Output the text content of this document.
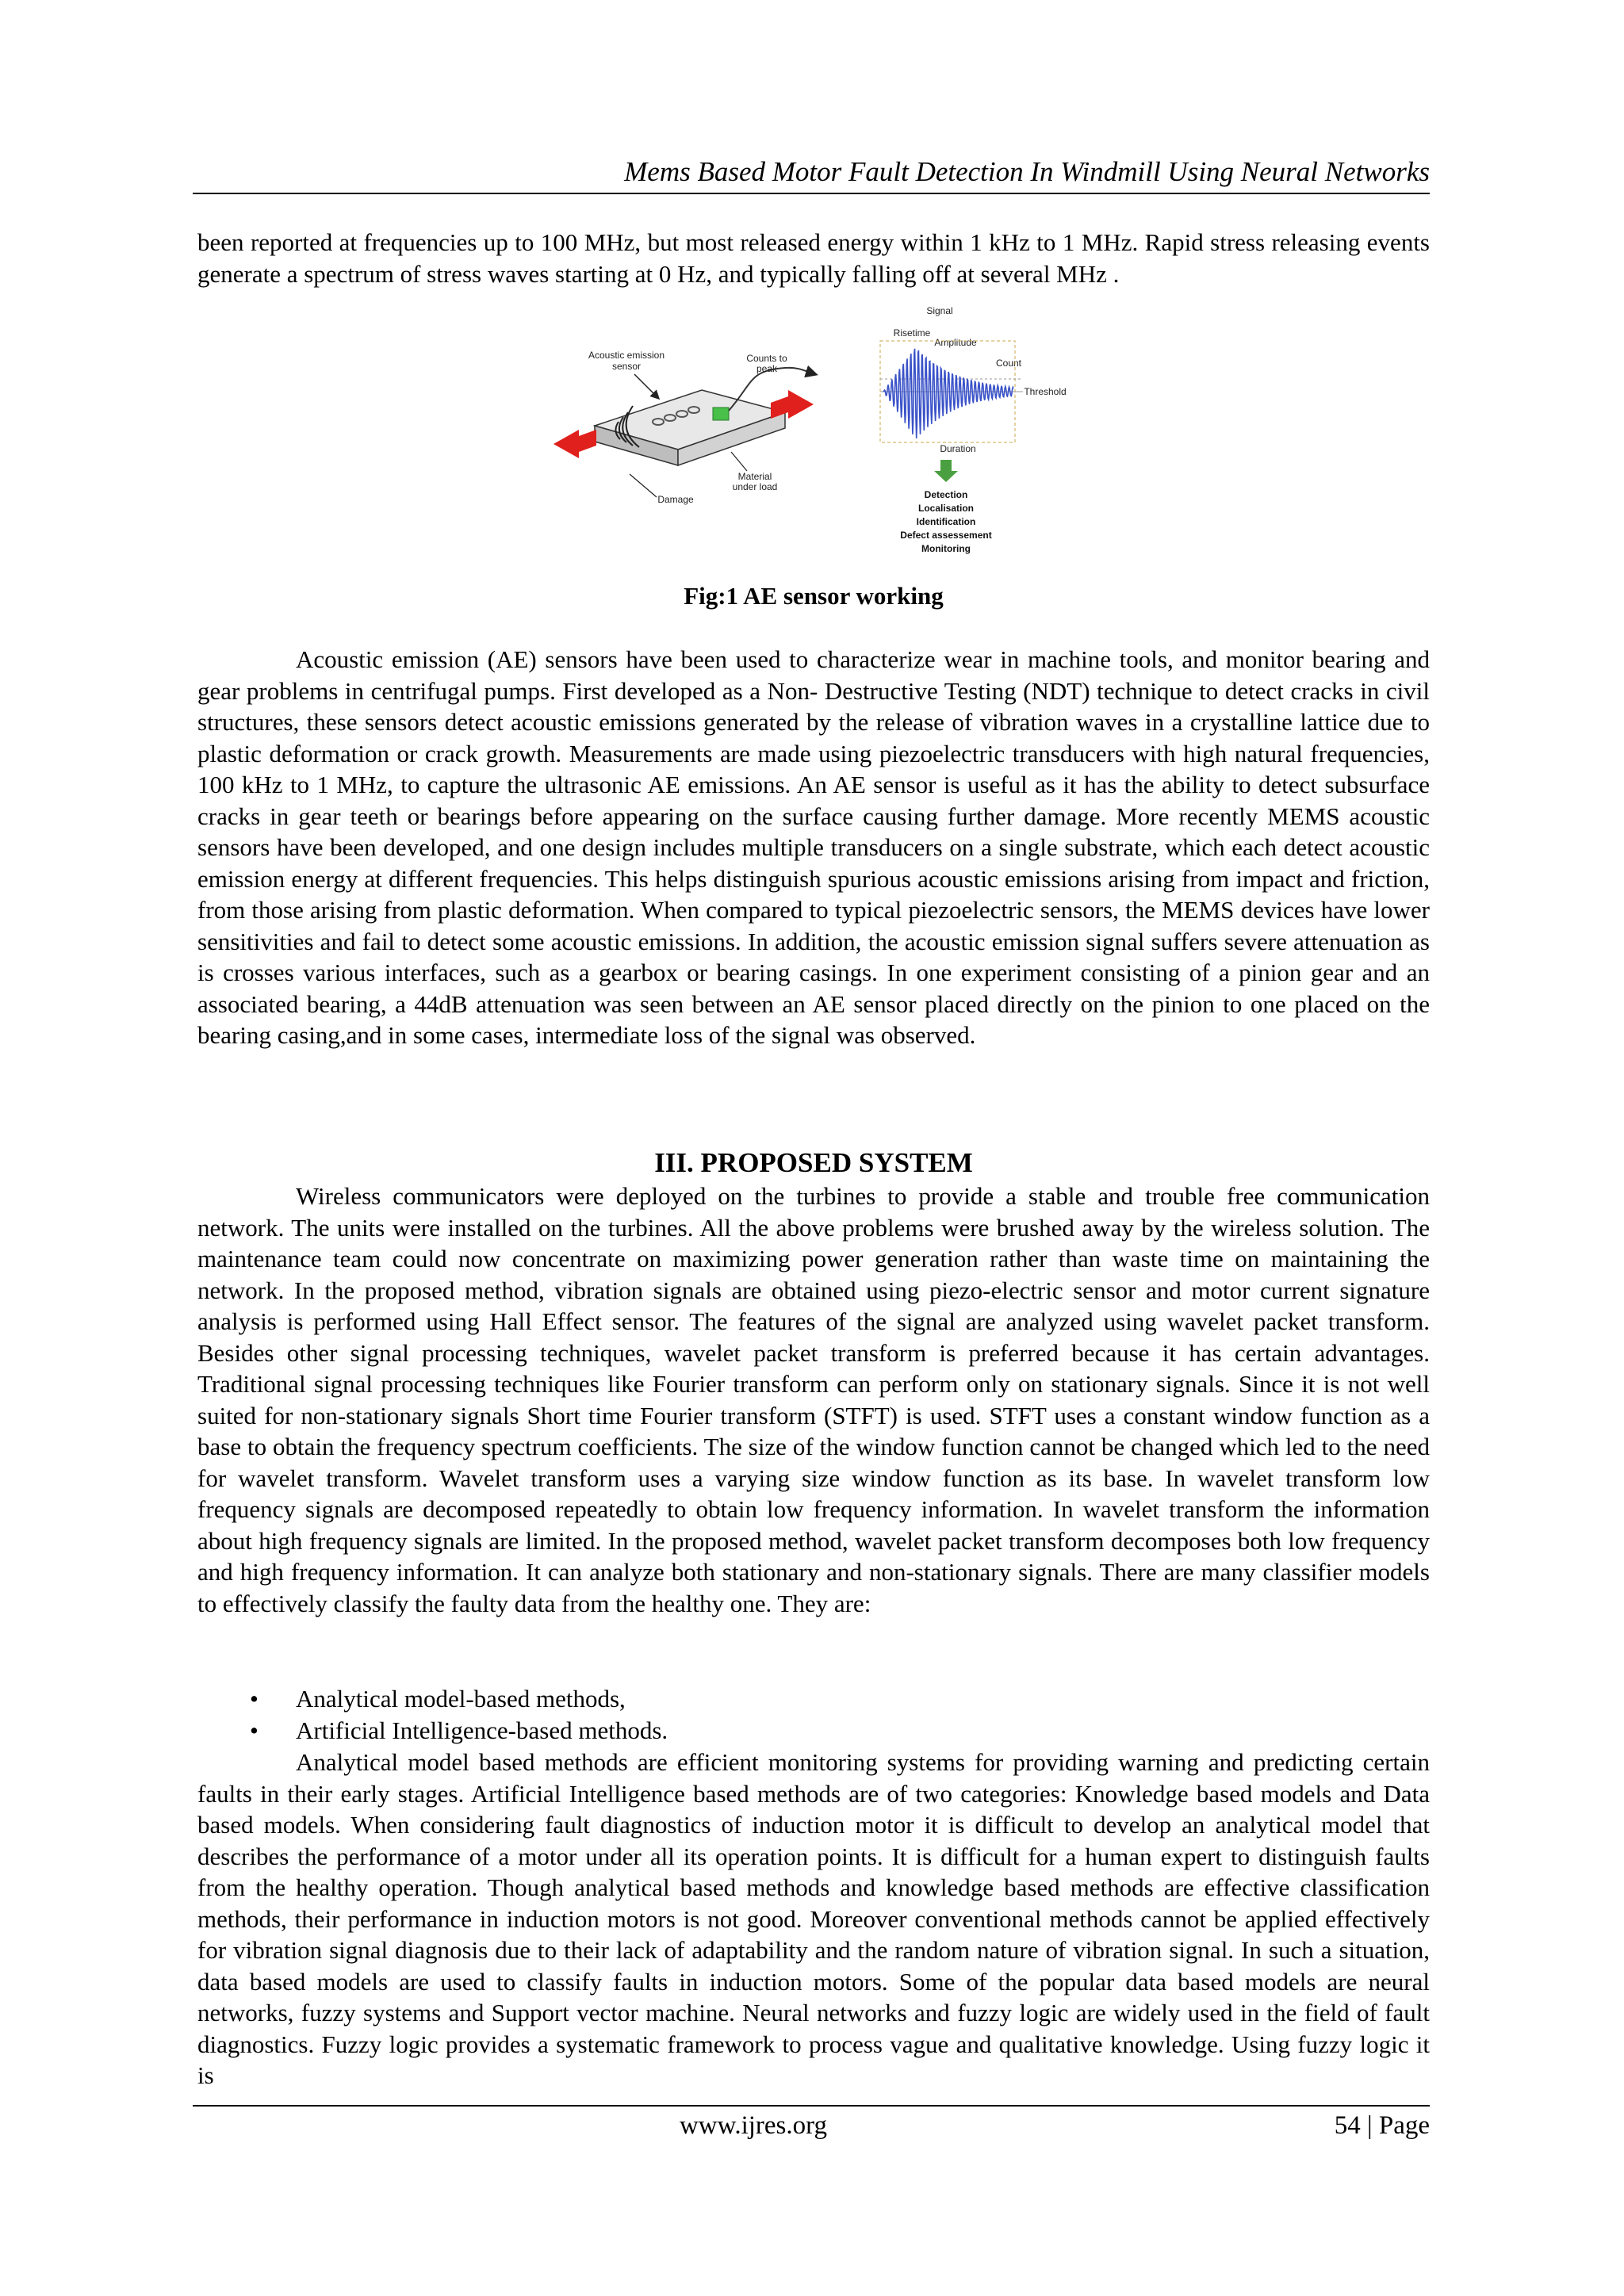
Mems Based Motor Fault Detection In Windmill Using Neural Networks

been reported at frequencies up to 100 MHz, but most released energy within 1 kHz to 1 MHz. Rapid stress releasing events generate a spectrum of stress waves starting at 0 Hz, and typically falling off at several MHz .

Acoustic emission
sensor
Counts to
peak
Material
under load
Damage
Signal
Risetime
Amplitude
Count
Threshold
Duration
Detection
Localisation
Identification
Defect assessement
Monitoring
Fig:1 AE sensor working

Acoustic emission (AE) sensors have been used to characterize wear in machine tools, and monitor bearing and gear problems in centrifugal pumps. First developed as a Non- Destructive Testing (NDT) technique to detect cracks in civil structures, these sensors detect acoustic emissions generated by the release of vibration waves in a crystalline lattice due to plastic deformation or crack growth. Measurements are made using piezoelectric transducers with high natural frequencies, 100 kHz to 1 MHz, to capture the ultrasonic AE emissions. An AE sensor is useful as it has the ability to detect subsurface cracks in gear teeth or bearings before appearing on the surface causing further damage. More recently MEMS acoustic sensors have been developed, and one design includes multiple transducers on a single substrate, which each detect acoustic emission energy at different frequencies. This helps distinguish spurious acoustic emissions arising from impact and friction, from those arising from plastic deformation. When compared to typical piezoelectric sensors, the MEMS devices have lower sensitivities and fail to detect some acoustic emissions. In addition, the acoustic emission signal suffers severe attenuation as is crosses various interfaces, such as a gearbox or bearing casings. In one experiment consisting of a pinion gear and an associated bearing, a 44dB attenuation was seen between an AE sensor placed directly on the pinion to one placed on the bearing casing,and in some cases, intermediate loss of the signal was observed.

III. PROPOSED SYSTEM

Wireless communicators were deployed on the turbines to provide a stable and trouble free communication network. The units were installed on the turbines. All the above problems were brushed away by the wireless solution. The maintenance team could now concentrate on maximizing power generation rather than waste time on maintaining the network. In the proposed method, vibration signals are obtained using piezo-electric sensor and motor current signature analysis is performed using Hall Effect sensor. The features of the signal are analyzed using wavelet packet transform. Besides other signal processing techniques, wavelet packet transform is preferred because it has certain advantages. Traditional signal processing techniques like Fourier transform can perform only on stationary signals. Since it is not well suited for non-stationary signals Short time Fourier transform (STFT) is used. STFT uses a constant window function as a base to obtain the frequency spectrum coefficients. The size of the window function cannot be changed which led to the need for wavelet transform. Wavelet transform uses a varying size window function as its base. In wavelet transform low frequency signals are decomposed repeatedly to obtain low frequency information. In wavelet transform the information about high frequency signals are limited. In the proposed method, wavelet packet transform decomposes both low frequency and high frequency information. It can analyze both stationary and non-stationary signals. There are many classifier models to effectively classify the faulty data from the healthy one. They are:

• Analytical model-based methods,
• Artificial Intelligence-based methods.

Analytical model based methods are efficient monitoring systems for providing warning and predicting certain faults in their early stages. Artificial Intelligence based methods are of two categories: Knowledge based models and Data based models. When considering fault diagnostics of induction motor it is difficult to develop an analytical model that describes the performance of a motor under all its operation points. It is difficult for a human expert to distinguish faults from the healthy operation. Though analytical based methods and knowledge based methods are effective classification methods, their performance in induction motors is not good. Moreover conventional methods cannot be applied effectively for vibration signal diagnosis due to their lack of adaptability and the random nature of vibration signal. In such a situation, data based models are used to classify faults in induction motors. Some of the popular data based models are neural networks, fuzzy systems and Support vector machine. Neural networks and fuzzy logic are widely used in the field of fault diagnostics. Fuzzy logic provides a systematic framework to process vague and qualitative knowledge. Using fuzzy logic it is

www.ijres.org	54 | Page
